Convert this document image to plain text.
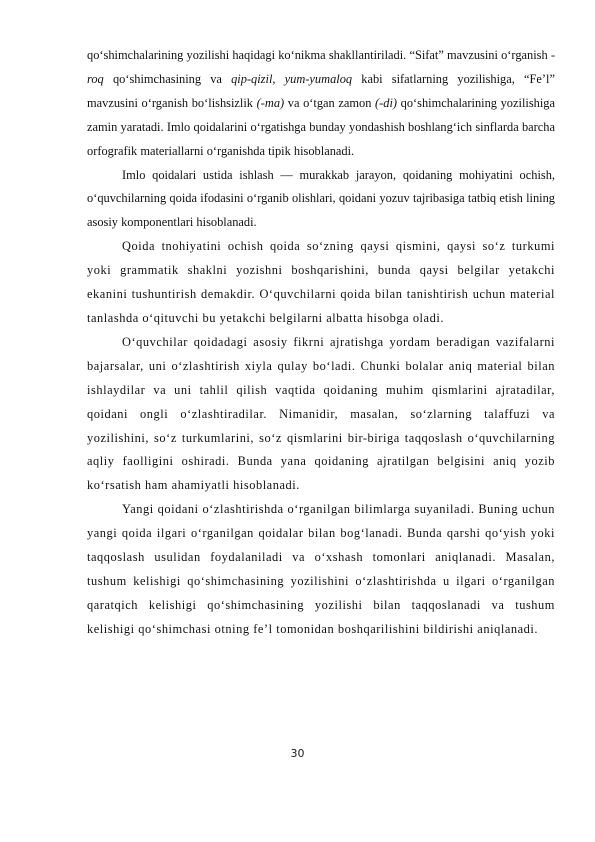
qo‘shimchalarining yozilishi haqidagi ko‘nikma shakllantiriladi. “Sifat” mavzusini o‘rganish -roq qo‘shimchasining va qip-qizil, yum-yumaloq kabi sifatlarning yozilishiga, “Fe’l” mavzusini o‘rganish bo‘lishsizlik (-ma) va o‘tgan zamon (-di) qo‘shimchalarining yozilishiga zamin yaratadi. Imlo qoidalarini o‘rgatishga bunday yondashish boshlang‘ich sinflarda barcha orfografik materiallarni o‘rganishda tipik hisoblanadi.

Imlo qoidalari ustida ishlash — murakkab jarayon, qoidaning mohiyatini ochish, o‘quvchilarning qoida ifodasini o‘rganib olishlari, qoidani yozuv tajribasiga tatbiq etish lining asosiy komponentlari hisoblanadi.

Qoida tnohiyatini ochish qoida so‘zning qaysi qismini, qaysi so‘z turkumi yoki grammatik shaklni yozishni boshqarishini, bunda qaysi belgilar yetakchi ekanini tushuntirish demakdir. O‘quvchilarni qoida bilan tanishtirish uchun material tanlashda o‘qituvchi bu yetakchi belgilarni albatta hisobga oladi.

O‘quvchilar qoidadagi asosiy fikrni ajratishga yordam beradigan vazifalarni bajarsalar, uni o‘zlashtirish xiyla qulay bo‘ladi. Chunki bolalar aniq material bilan ishlaydilar va uni tahlil qilish vaqtida qoidaning muhim qismlarini ajratadilar, qoidani ongli o‘zlashtiradilar. Nimanidir, masalan, so‘zlarning talaffuzi va yozilishini, so‘z turkumlarini, so‘z qismlarini bir-biriga taqqoslash o‘quvchilarning aqliy faolligini oshiradi. Bunda yana qoidaning ajratilgan belgisini aniq yozib ko‘rsatish ham ahamiyatli hisoblanadi.

Yangi qoidani o‘zlashtirishda o‘rganilgan bilimlarga suyaniladi. Buning uchun yangi qoida ilgari o‘rganilgan qoidalar bilan bog‘lanadi. Bunda qarshi qo‘yish yoki taqqoslash usulidan foydalaniladi va o‘xshash tomonlari aniqlanadi. Masalan, tushum kelishigi qo‘shimchasining yozilishini o‘zlashtirishda u ilgari o‘rganilgan qaratqich kelishigi qo‘shimchasining yozilishi bilan taqqoslanadi va tushum kelishigi qo‘shimchasi otning fe’l tomonidan boshqarilishini bildirishi aniqlanadi.

30
